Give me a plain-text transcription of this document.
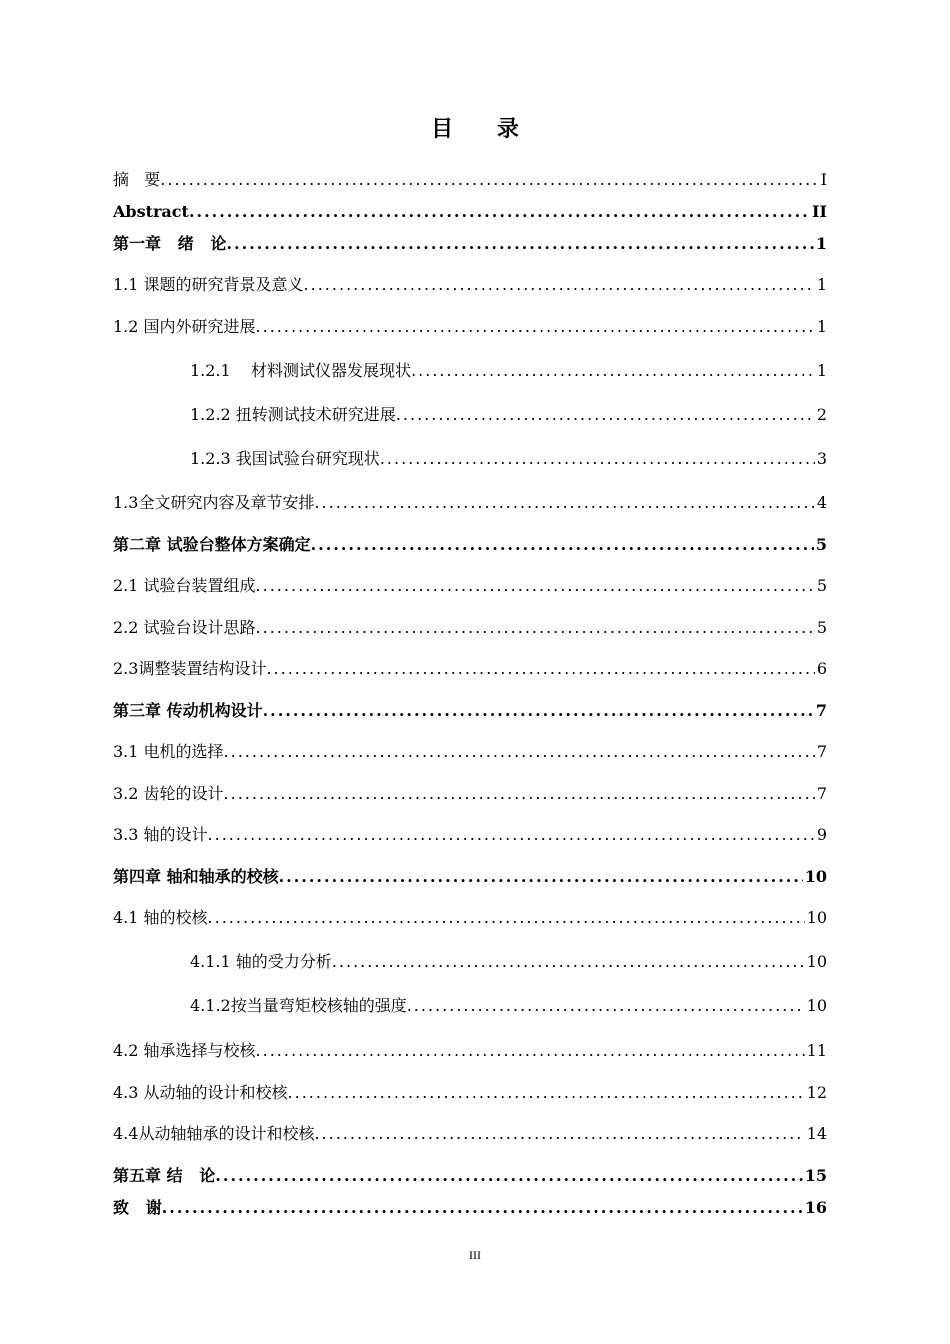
目 录
摘   要 .....	I
Abstract .....	II
第一章   绪   论 .....	1
1.1 课题的研究背景及意义 .....	1
1.2 国内外研究进展 .....	1
1.2.1    材料测试仪器发展现状 .....	1
1.2.2 扭转测试技术研究进展 .....	2
1.2.3 我国试验台研究现状 .....	3
1.3全文研究内容及章节安排 .....	4
第二章 试验台整体方案确定 .....	5
2.1 试验台装置组成 .....	5
2.2 试验台设计思路 .....	5
2.3调整装置结构设计 .....	6
第三章 传动机构设计 .....	7
3.1 电机的选择 .....	7
3.2 齿轮的设计 .....	7
3.3 轴的设计 .....	9
第四章 轴和轴承的校核 .....	10
4.1 轴的校核 .....	10
4.1.1 轴的受力分析 .....	10
4.1.2按当量弯矩校核轴的强度 .....	10
4.2 轴承选择与校核 .....	11
4.3 从动轴的设计和校核 .....	12
4.4从动轴轴承的设计和校核 .....	14
第五章 结   论 .....	15
致   谢 .....	16
III
